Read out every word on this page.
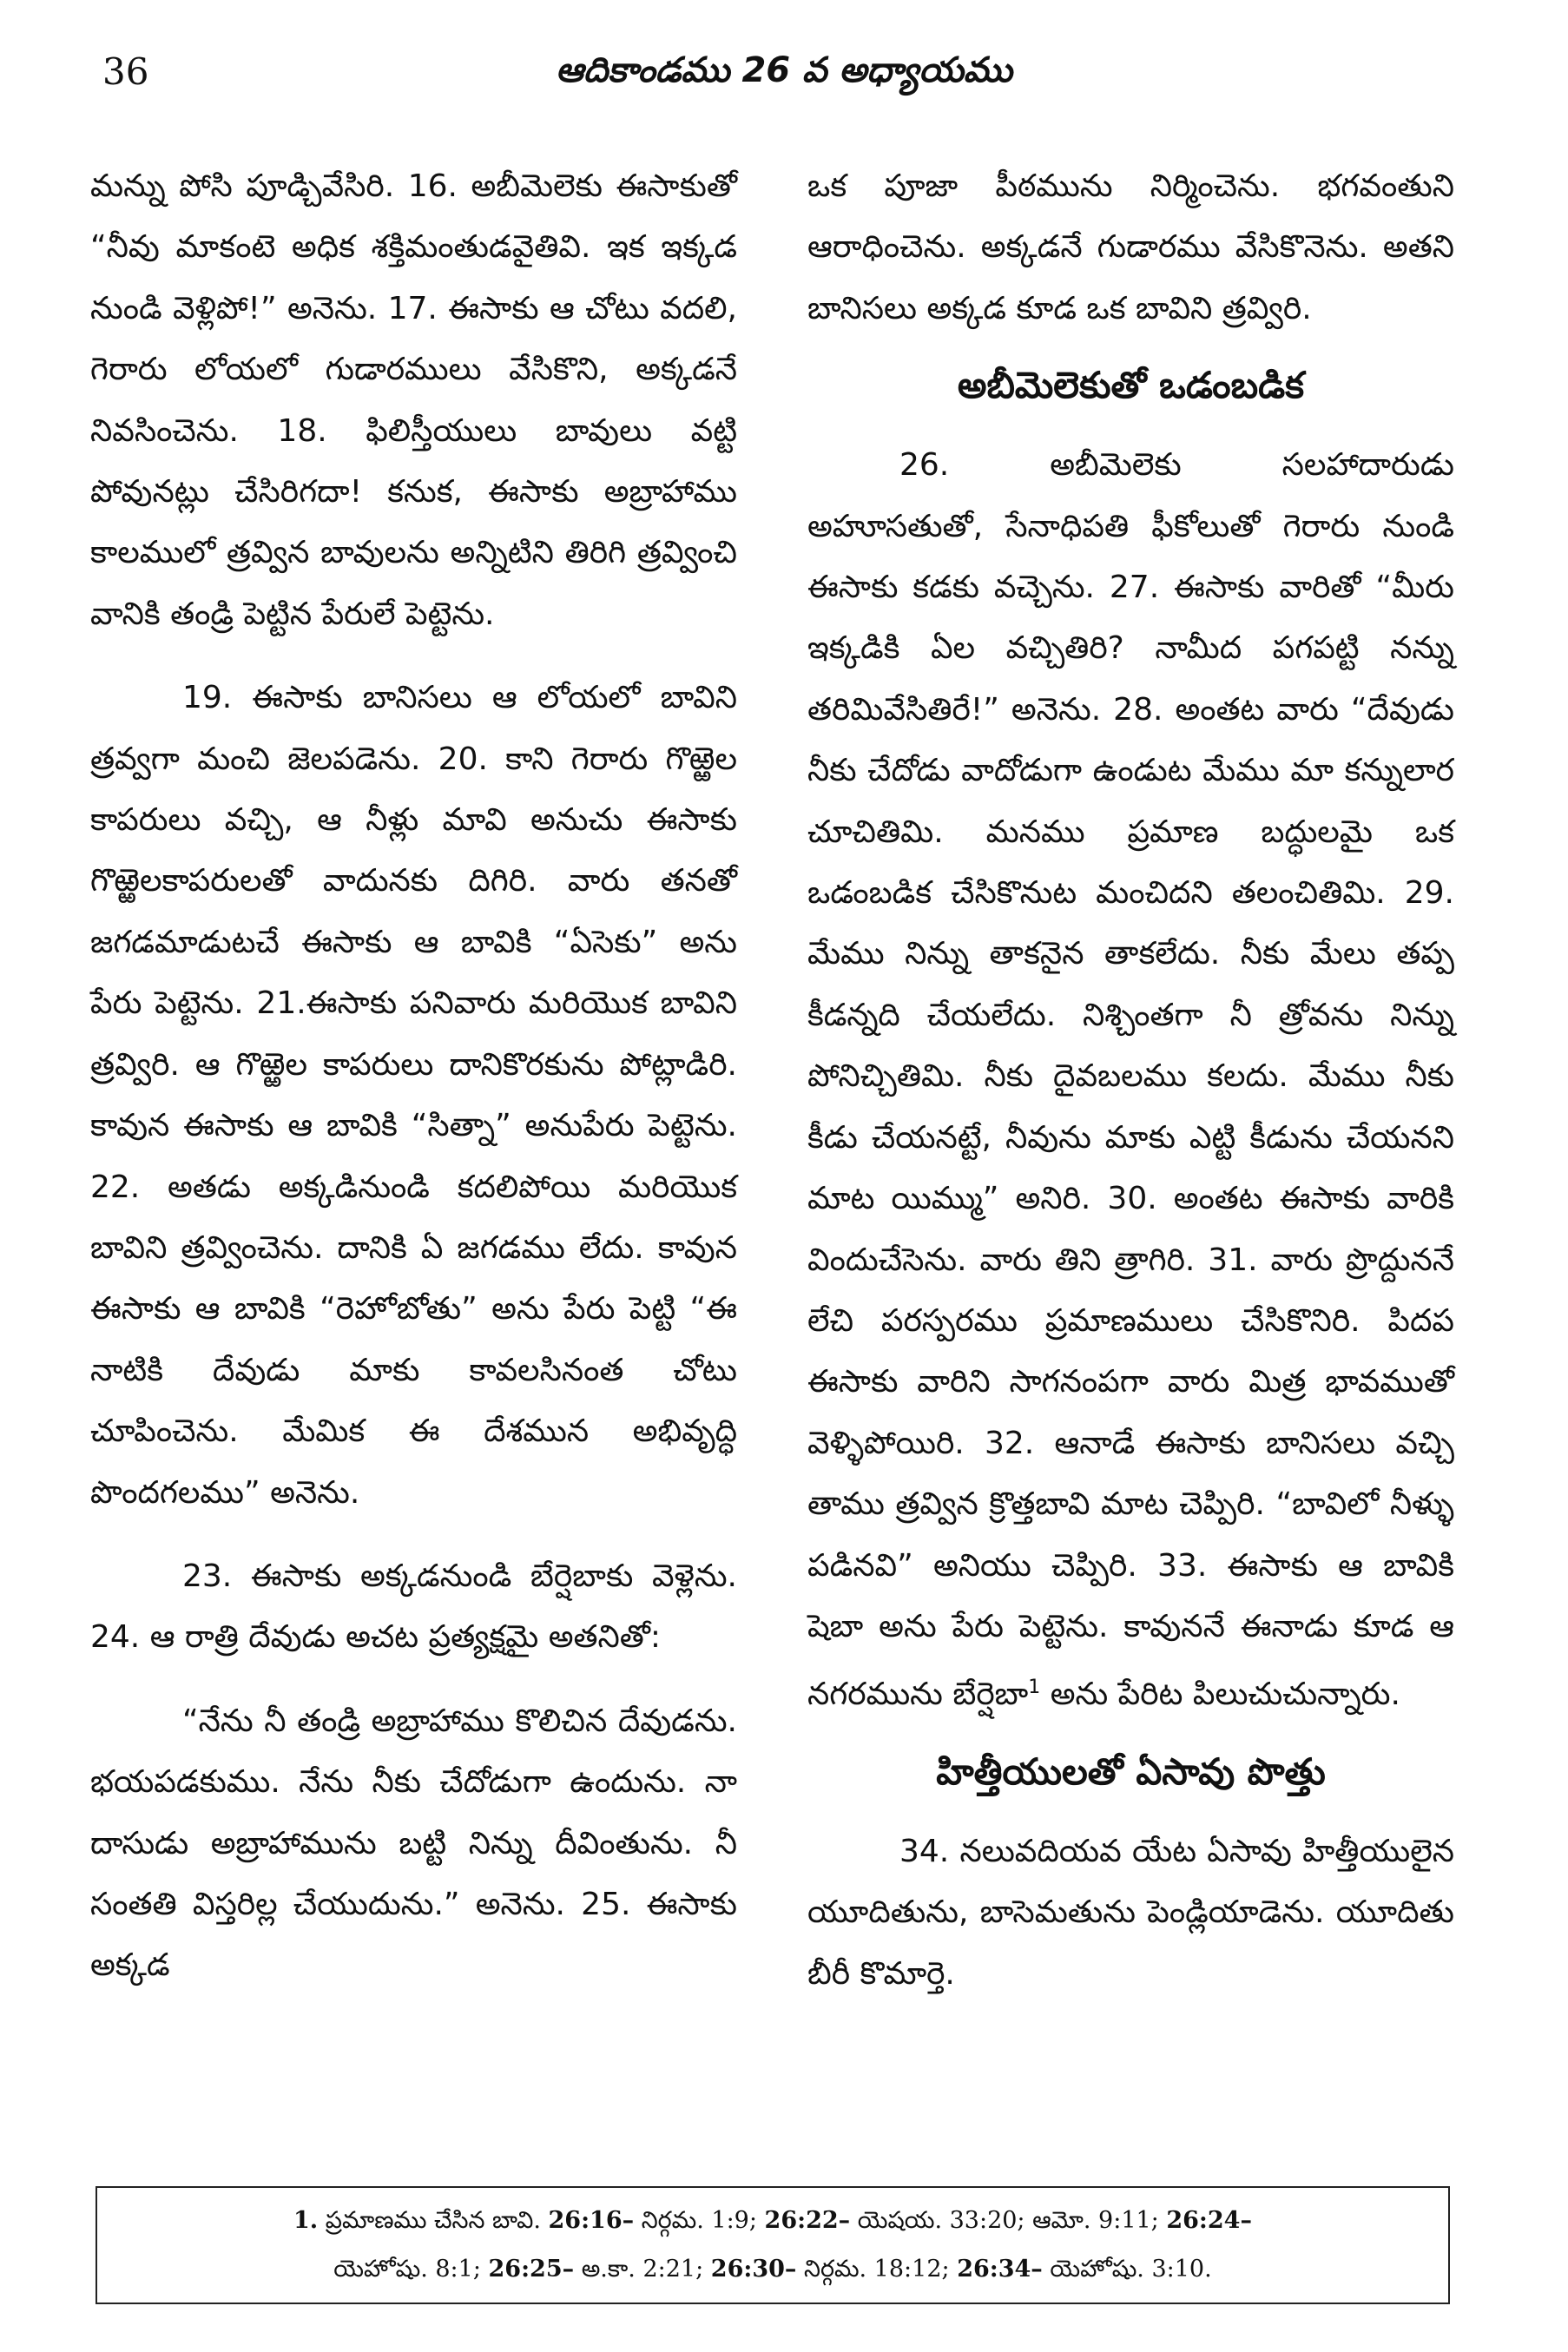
36	ఆదికాండము 26 వ అధ్యాయము

మన్ను పోసి పూడ్చివేసిరి. 16. అబీమెలెకు ఈసాకుతో “నీవు మాకంటె అధిక శక్తిమంతుడవైతివి. ఇక ఇక్కడ నుండి వెళ్లిపో!” అనెను. 17. ఈసాకు ఆ చోటు వదలి, గెరారు లోయలో గుడారములు వేసికొని, అక్కడనే నివసించెను. 18. ఫిలిస్తీయులు బావులు వట్టి పోవునట్లు చేసిరిగదా! కనుక, ఈసాకు అబ్రాహాము కాలములో త్రవ్విన బావులను అన్నిటిని తిరిగి త్రవ్వించి వానికి తండ్రి పెట్టిన పేరులే పెట్టెను.

19. ఈసాకు బానిసలు ఆ లోయలో బావిని త్రవ్వగా మంచి జెలపడెను. 20. కాని గెరారు గొఱ్ఱెల కాపరులు వచ్చి, ఆ నీళ్లు మావి అనుచు ఈసాకు గొఱ్ఱెలకాపరులతో వాదునకు దిగిరి. వారు తనతో జగడమాడుటచే ఈసాకు ఆ బావికి “ఏసెకు” అను పేరు పెట్టెను. 21.ఈసాకు పనివారు మరియొక బావిని త్రవ్విరి. ఆ గొఱ్ఱెల కాపరులు దానికొరకును పోట్లాడిరి. కావున ఈసాకు ఆ బావికి “సిత్నా” అనుపేరు పెట్టెను. 22. అతడు అక్కడినుండి కదలిపోయి మరియొక బావిని త్రవ్వించెను. దానికి ఏ జగడము లేదు. కావున ఈసాకు ఆ బావికి “రెహోబోతు” అను పేరు పెట్టి “ఈ నాటికి దేవుడు మాకు కావలసినంత చోటు చూపించెను. మేమిక ఈ దేశమున అభివృద్ధి పొందగలము” అనెను.

23. ఈసాకు అక్కడనుండి బేర్షెబాకు వెళ్లెను. 24. ఆ రాత్రి దేవుడు అచట ప్రత్యక్షమై అతనితో:

“నేను నీ తండ్రి అబ్రాహాము కొలిచిన దేవుడను. భయపడకుము. నేను నీకు చేదోడుగా ఉందును. నా దాసుడు అబ్రాహామును బట్టి నిన్ను దీవింతును. నీ సంతతి విస్తరిల్ల చేయుదును.” అనెను. 25. ఈసాకు అక్కడ

ఒక పూజా పీఠమును నిర్మించెను. భగవంతుని ఆరాధించెను. అక్కడనే గుడారము వేసికొనెను. అతని బానిసలు అక్కడ కూడ ఒక బావిని త్రవ్విరి.

అబీమెలెకుతో ఒడంబడిక

26. అబీమెలెకు సలహాదారుడు అహూసతుతో, సేనాధిపతి ఫీకోలుతో గెరారు నుండి ఈసాకు కడకు వచ్చెను. 27. ఈసాకు వారితో “మీరు ఇక్కడికి ఏల వచ్చితిరి? నామీద పగపట్టి నన్ను తరిమివేసితిరే!” అనెను. 28. అంతట వారు “దేవుడు నీకు చేదోడు వాదోడుగా ఉండుట మేము మా కన్నులార చూచితిమి. మనము ప్రమాణ బద్ధులమై ఒక ఒడంబడిక చేసికొనుట మంచిదని తలంచితిమి. 29. మేము నిన్ను తాకనైన తాకలేదు. నీకు మేలు తప్ప కీడన్నది చేయలేదు. నిశ్చింతగా నీ త్రోవను నిన్ను పోనిచ్చితిమి. నీకు దైవబలము కలదు. మేము నీకు కీడు చేయనట్టే, నీవును మాకు ఎట్టి కీడును చేయనని మాట యిమ్ము” అనిరి. 30. అంతట ఈసాకు వారికి విందుచేసెను. వారు తిని త్రాగిరి. 31. వారు ప్రొద్దుననే లేచి పరస్పరము ప్రమాణములు చేసికొనిరి. పిదప ఈసాకు వారిని సాగనంపగా వారు మిత్ర భావముతో వెళ్ళిపోయిరి. 32. ఆనాడే ఈసాకు బానిసలు వచ్చి తాము త్రవ్విన క్రొత్తబావి మాట చెప్పిరి. “బావిలో నీళ్ళు పడినవి” అనియు చెప్పిరి. 33. ఈసాకు ఆ బావికి షెబా అను పేరు పెట్టెను. కావుననే ఈనాడు కూడ ఆ నగరమును బేర్షెబా$^1$ అను పేరిట పిలుచుచున్నారు.

హిత్తీయులతో ఏసావు పొత్తు

34. నలువదియవ యేట ఏసావు హిత్తీయులైన యూదితును, బాసెమతును పెండ్లియాడెను. యూదితు బీరీ కొమార్తె.

1. ప్రమాణము చేసిన బావి. 26:16– నిర్గమ. 1:9; 26:22– యెషయ. 33:20; ఆమో. 9:11; 26:24–

యెహోషు. 8:1; 26:25– అ.కా. 2:21; 26:30– నిర్గమ. 18:12; 26:34– యెహోషు. 3:10.
